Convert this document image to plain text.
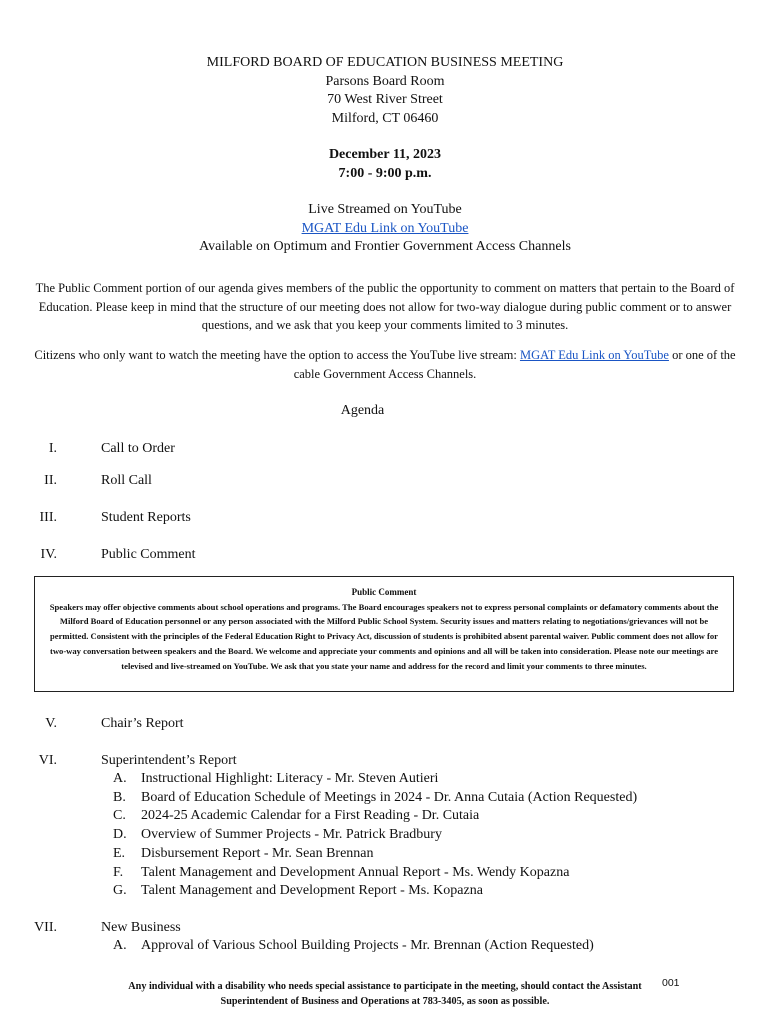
MILFORD BOARD OF EDUCATION BUSINESS MEETING
Parsons Board Room
70 West River Street
Milford, CT 06460
December 11, 2023
7:00 - 9:00 p.m.
Live Streamed on YouTube
MGAT Edu Link on YouTube
Available on Optimum and Frontier Government Access Channels
The Public Comment portion of our agenda gives members of the public the opportunity to comment on matters that pertain to the Board of Education. Please keep in mind that the structure of our meeting does not allow for two-way dialogue during public comment or to answer questions, and we ask that you keep your comments limited to 3 minutes.
Citizens who only want to watch the meeting have the option to access the YouTube live stream: MGAT Edu Link on YouTube or one of the cable Government Access Channels.
Agenda
I.	Call to Order
II.	Roll Call
III.	Student Reports
IV.	Public Comment
Public Comment
Speakers may offer objective comments about school operations and programs. The Board encourages speakers not to express personal complaints or defamatory comments about the Milford Board of Education personnel or any person associated with the Milford Public School System. Security issues and matters relating to negotiations/grievances will not be permitted. Consistent with the principles of the Federal Education Right to Privacy Act, discussion of students is prohibited absent parental waiver. Public comment does not allow for two-way conversation between speakers and the Board. We welcome and appreciate your comments and opinions and all will be taken into consideration. Please note our meetings are televised and live-streamed on YouTube. We ask that you state your name and address for the record and limit your comments to three minutes.
V.	Chair’s Report
VI.	Superintendent’s Report
A. Instructional Highlight: Literacy - Mr. Steven Autieri
B. Board of Education Schedule of Meetings in 2024 - Dr. Anna Cutaia (Action Requested)
C. 2024-25 Academic Calendar for a First Reading - Dr. Cutaia
D. Overview of Summer Projects - Mr. Patrick Bradbury
E. Disbursement Report - Mr. Sean Brennan
F. Talent Management and Development Annual Report - Ms. Wendy Kopazna
G. Talent Management and Development Report - Ms. Kopazna
VII.	New Business
A. Approval of Various School Building Projects - Mr. Brennan (Action Requested)
Any individual with a disability who needs special assistance to participate in the meeting, should contact the Assistant Superintendent of Business and Operations at 783-3405, as soon as possible.
001
